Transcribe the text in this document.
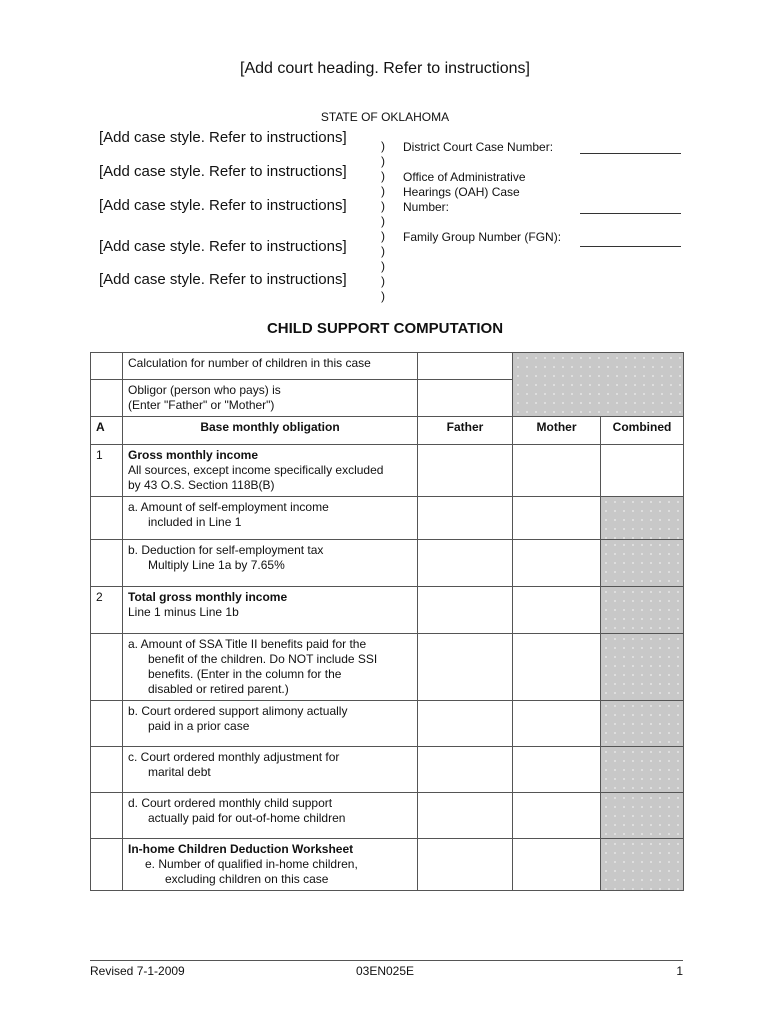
[Add court heading. Refer to instructions]
STATE OF OKLAHOMA
[Add case style. Refer to instructions]
[Add case style. Refer to instructions]
[Add case style. Refer to instructions]
[Add case style. Refer to instructions]
[Add case style. Refer to instructions]
)
)
)
)
)
)
)
)
)
)
)
District Court Case Number:
Office of Administrative
Hearings (OAH) Case
Number:
Family Group Number (FGN):
CHILD SUPPORT COMPUTATION
	Calculation for number of children in this case			
	Obligor (person who pays) is
(Enter "Father" or "Mother")			
A	Base monthly obligation	Father	Mother	Combined
1	Gross monthly income
All sources, except income specifically excluded
by 43 O.S. Section 118B(B)			
	a. Amount of self-employment income

included in Line 1			

	b. Deduction for self-employment tax

Multiply Line 1a by 7.65%			

2	Total gross monthly income
Line 1 minus Line 1b			
	a. Amount of SSA Title II benefits paid for the

benefit of the children. Do NOT include SSI
benefits. (Enter in the column for the
disabled or retired parent.)			

	b. Court ordered support alimony actually

paid in a prior case			

	c. Court ordered monthly adjustment for

marital debt			

	d. Court ordered monthly child support

actually paid for out-of-home children			

	In-home Children Deduction Worksheet
e. Number of qualified in-home children,
excluding children on this case			
Revised 7-1-2009	03EN025E	1
